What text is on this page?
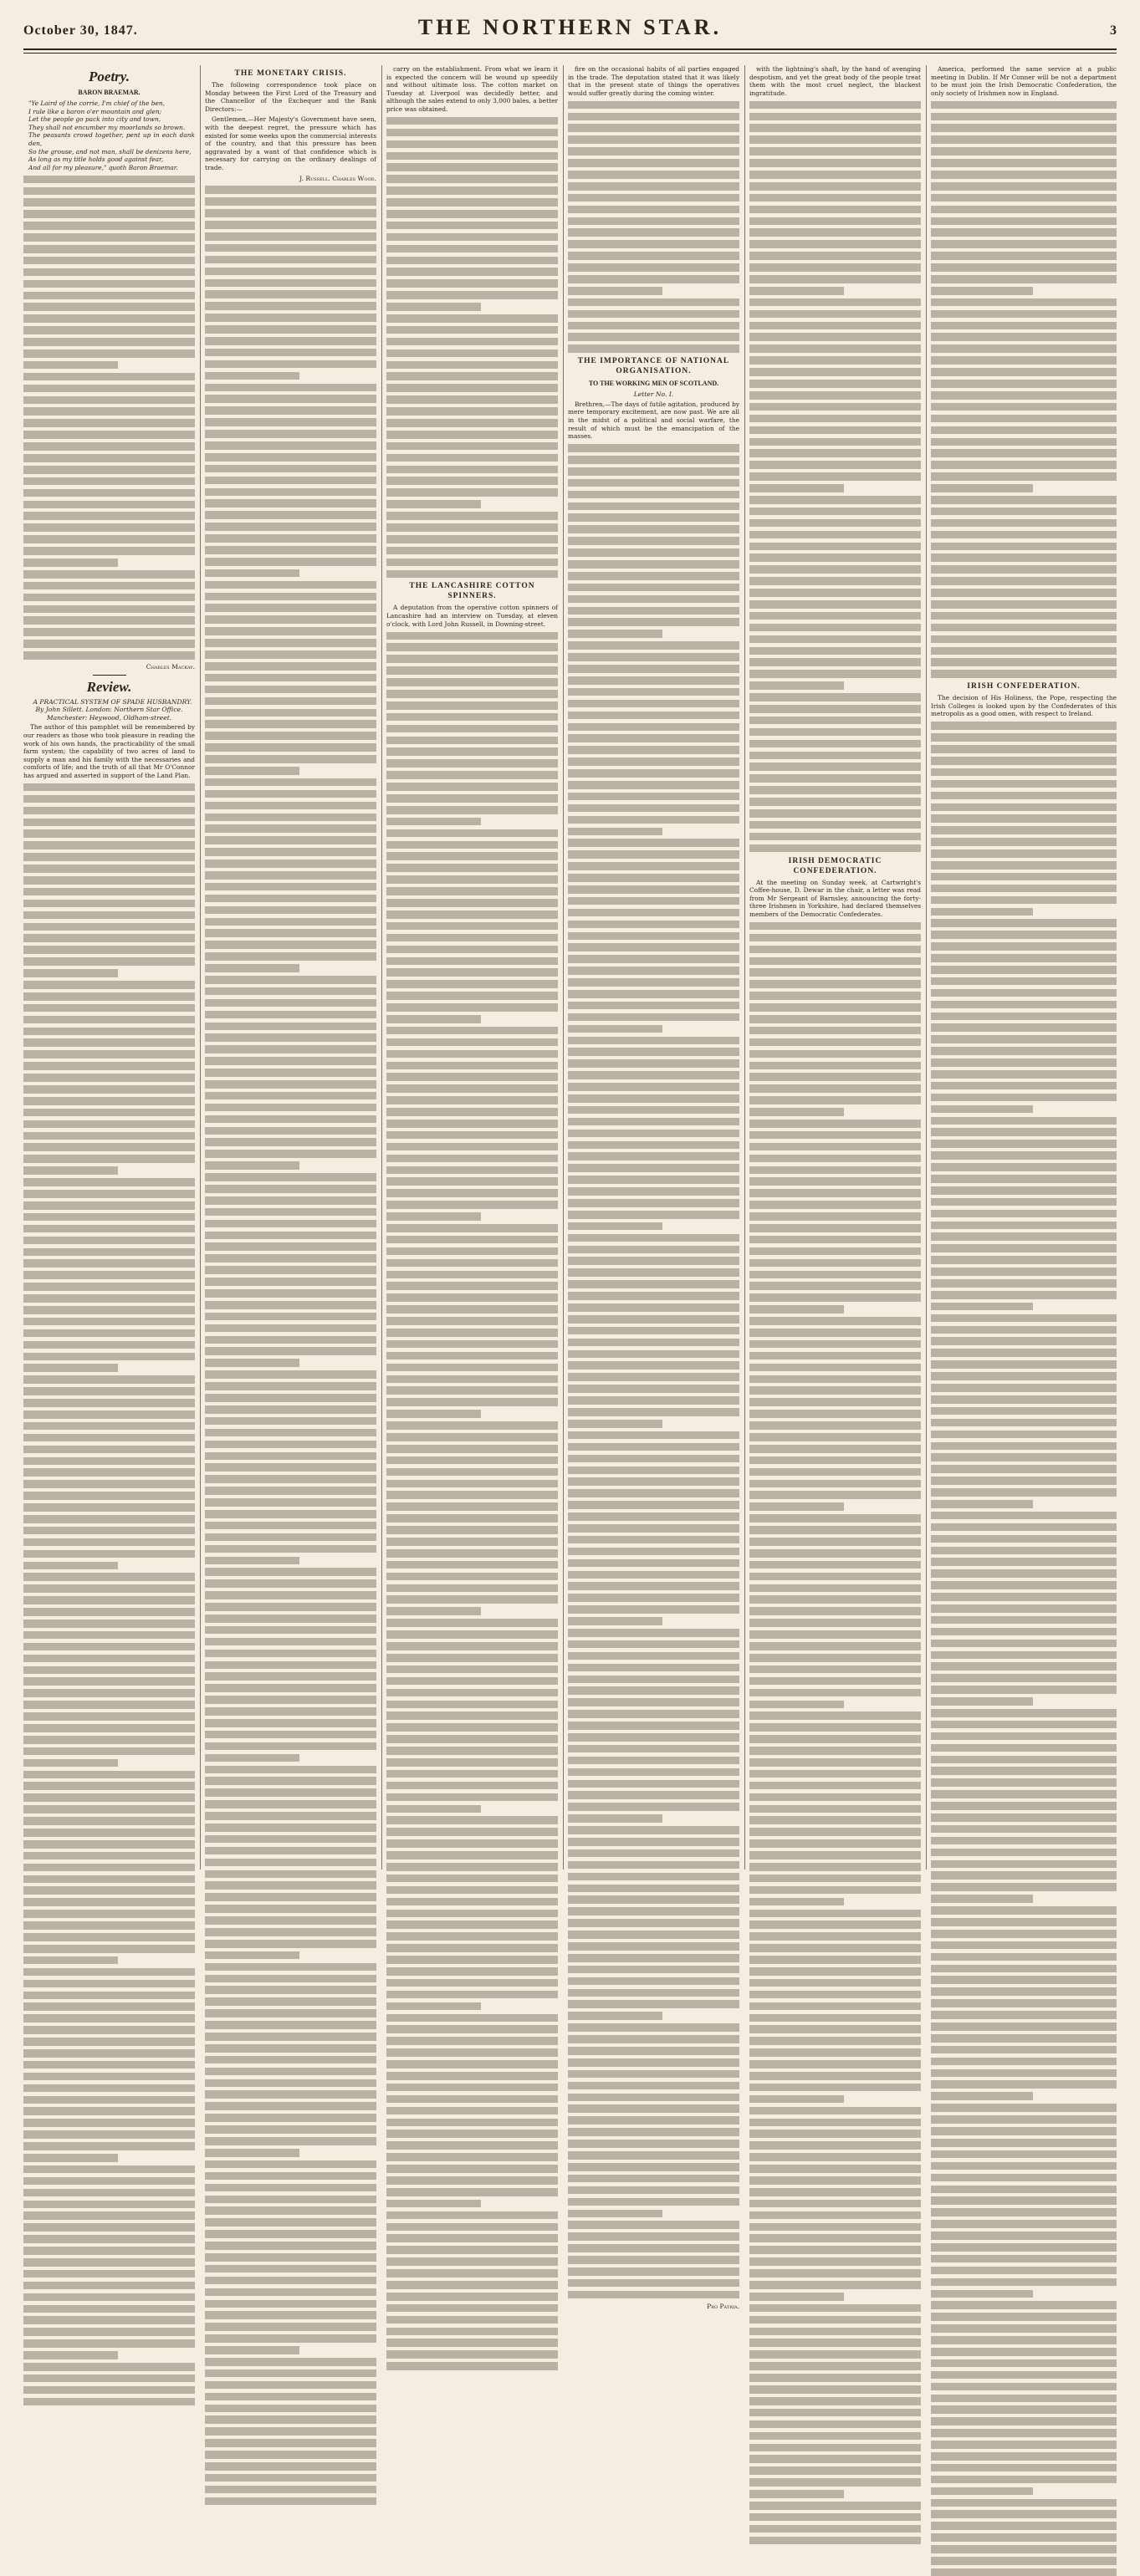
October 30, 1847.	THE NORTHERN STAR.	3
Poetry.
BARON BRAEMAR.
"Ye Laird of the corrie, I'm chief of the ben,
I rule like a baron o'er mountain and glen;
Let the people go pack into city and town,
They shall not encumber my moorlands so brown.
The peasants crowd together, pent up in each dank den,
So the grouse, and not man, shall be denizens here,
As long as my title holds good against fear,
And all for my pleasure," quoth Baron Braemar.
Charles Mackay.
Review.

A PRACTICAL SYSTEM OF SPADE HUSBANDRY. By John Sillett. London: Northern Star Office. Manchester: Heywood, Oldham-street.

The author of this pamphlet will be remembered by our readers as those who took pleasure in reading the work of his own hands, the practicability of the small farm system; the capability of two acres of land to supply a man and his family with the necessaries and comforts of life; and the truth of all that Mr O'Connor has argued and asserted in support of the Land Plan.

THE MONETARY CRISIS.

The following correspondence took place on Monday between the First Lord of the Treasury and the Chancellor of the Exchequer and the Bank Directors:—

Gentlemen,—Her Majesty's Government have seen, with the deepest regret, the pressure which has existed for some weeks upon the commercial interests of the country, and that this pressure has been aggravated by a want of that confidence which is necessary for carrying on the ordinary dealings of trade.

J. Russell. Charles Wood.

carry on the establishment. From what we learn it is expected the concern will be wound up speedily and without ultimate loss. The cotton market on Tuesday at Liverpool was decidedly better, and although the sales extend to only 3,000 bales, a better price was obtained.

THE LANCASHIRE COTTON SPINNERS.

A deputation from the operative cotton spinners of Lancashire had an interview on Tuesday, at eleven o'clock, with Lord John Russell, in Downing-street.

fire on the occasional habits of all parties engaged in the trade. The deputation stated that it was likely that in the present state of things the operatives would suffer greatly during the coming winter.

THE IMPORTANCE OF NATIONAL ORGANISATION.
TO THE WORKING MEN OF SCOTLAND.
Letter No. I.

Brethren,—The days of futile agitation, produced by mere temporary excitement, are now past. We are all in the midst of a political and social warfare, the result of which must be the emancipation of the masses.

Pro Patria.

with the lightning's shaft, by the hand of avenging despotism, and yet the great body of the people treat them with the most cruel neglect, the blackest ingratitude.

IRISH DEMOCRATIC CONFEDERATION.

At the meeting on Sunday week, at Cartwright's Coffee-house, D. Dewar in the chair, a letter was read from Mr Sergeant of Barnsley, announcing the forty-three Irishmen in Yorkshire, had declared themselves members of the Democratic Confederates.

America, performed the same service at a public meeting in Dublin. If Mr Conner will be not a department to be must join the Irish Democratic Confederation, the only society of Irishmen now in England.

IRISH CONFEDERATION.

The decision of His Holiness, the Pope, respecting the Irish Colleges is looked upon by the Confederates of this metropolis as a good omen, with respect to Ireland.
